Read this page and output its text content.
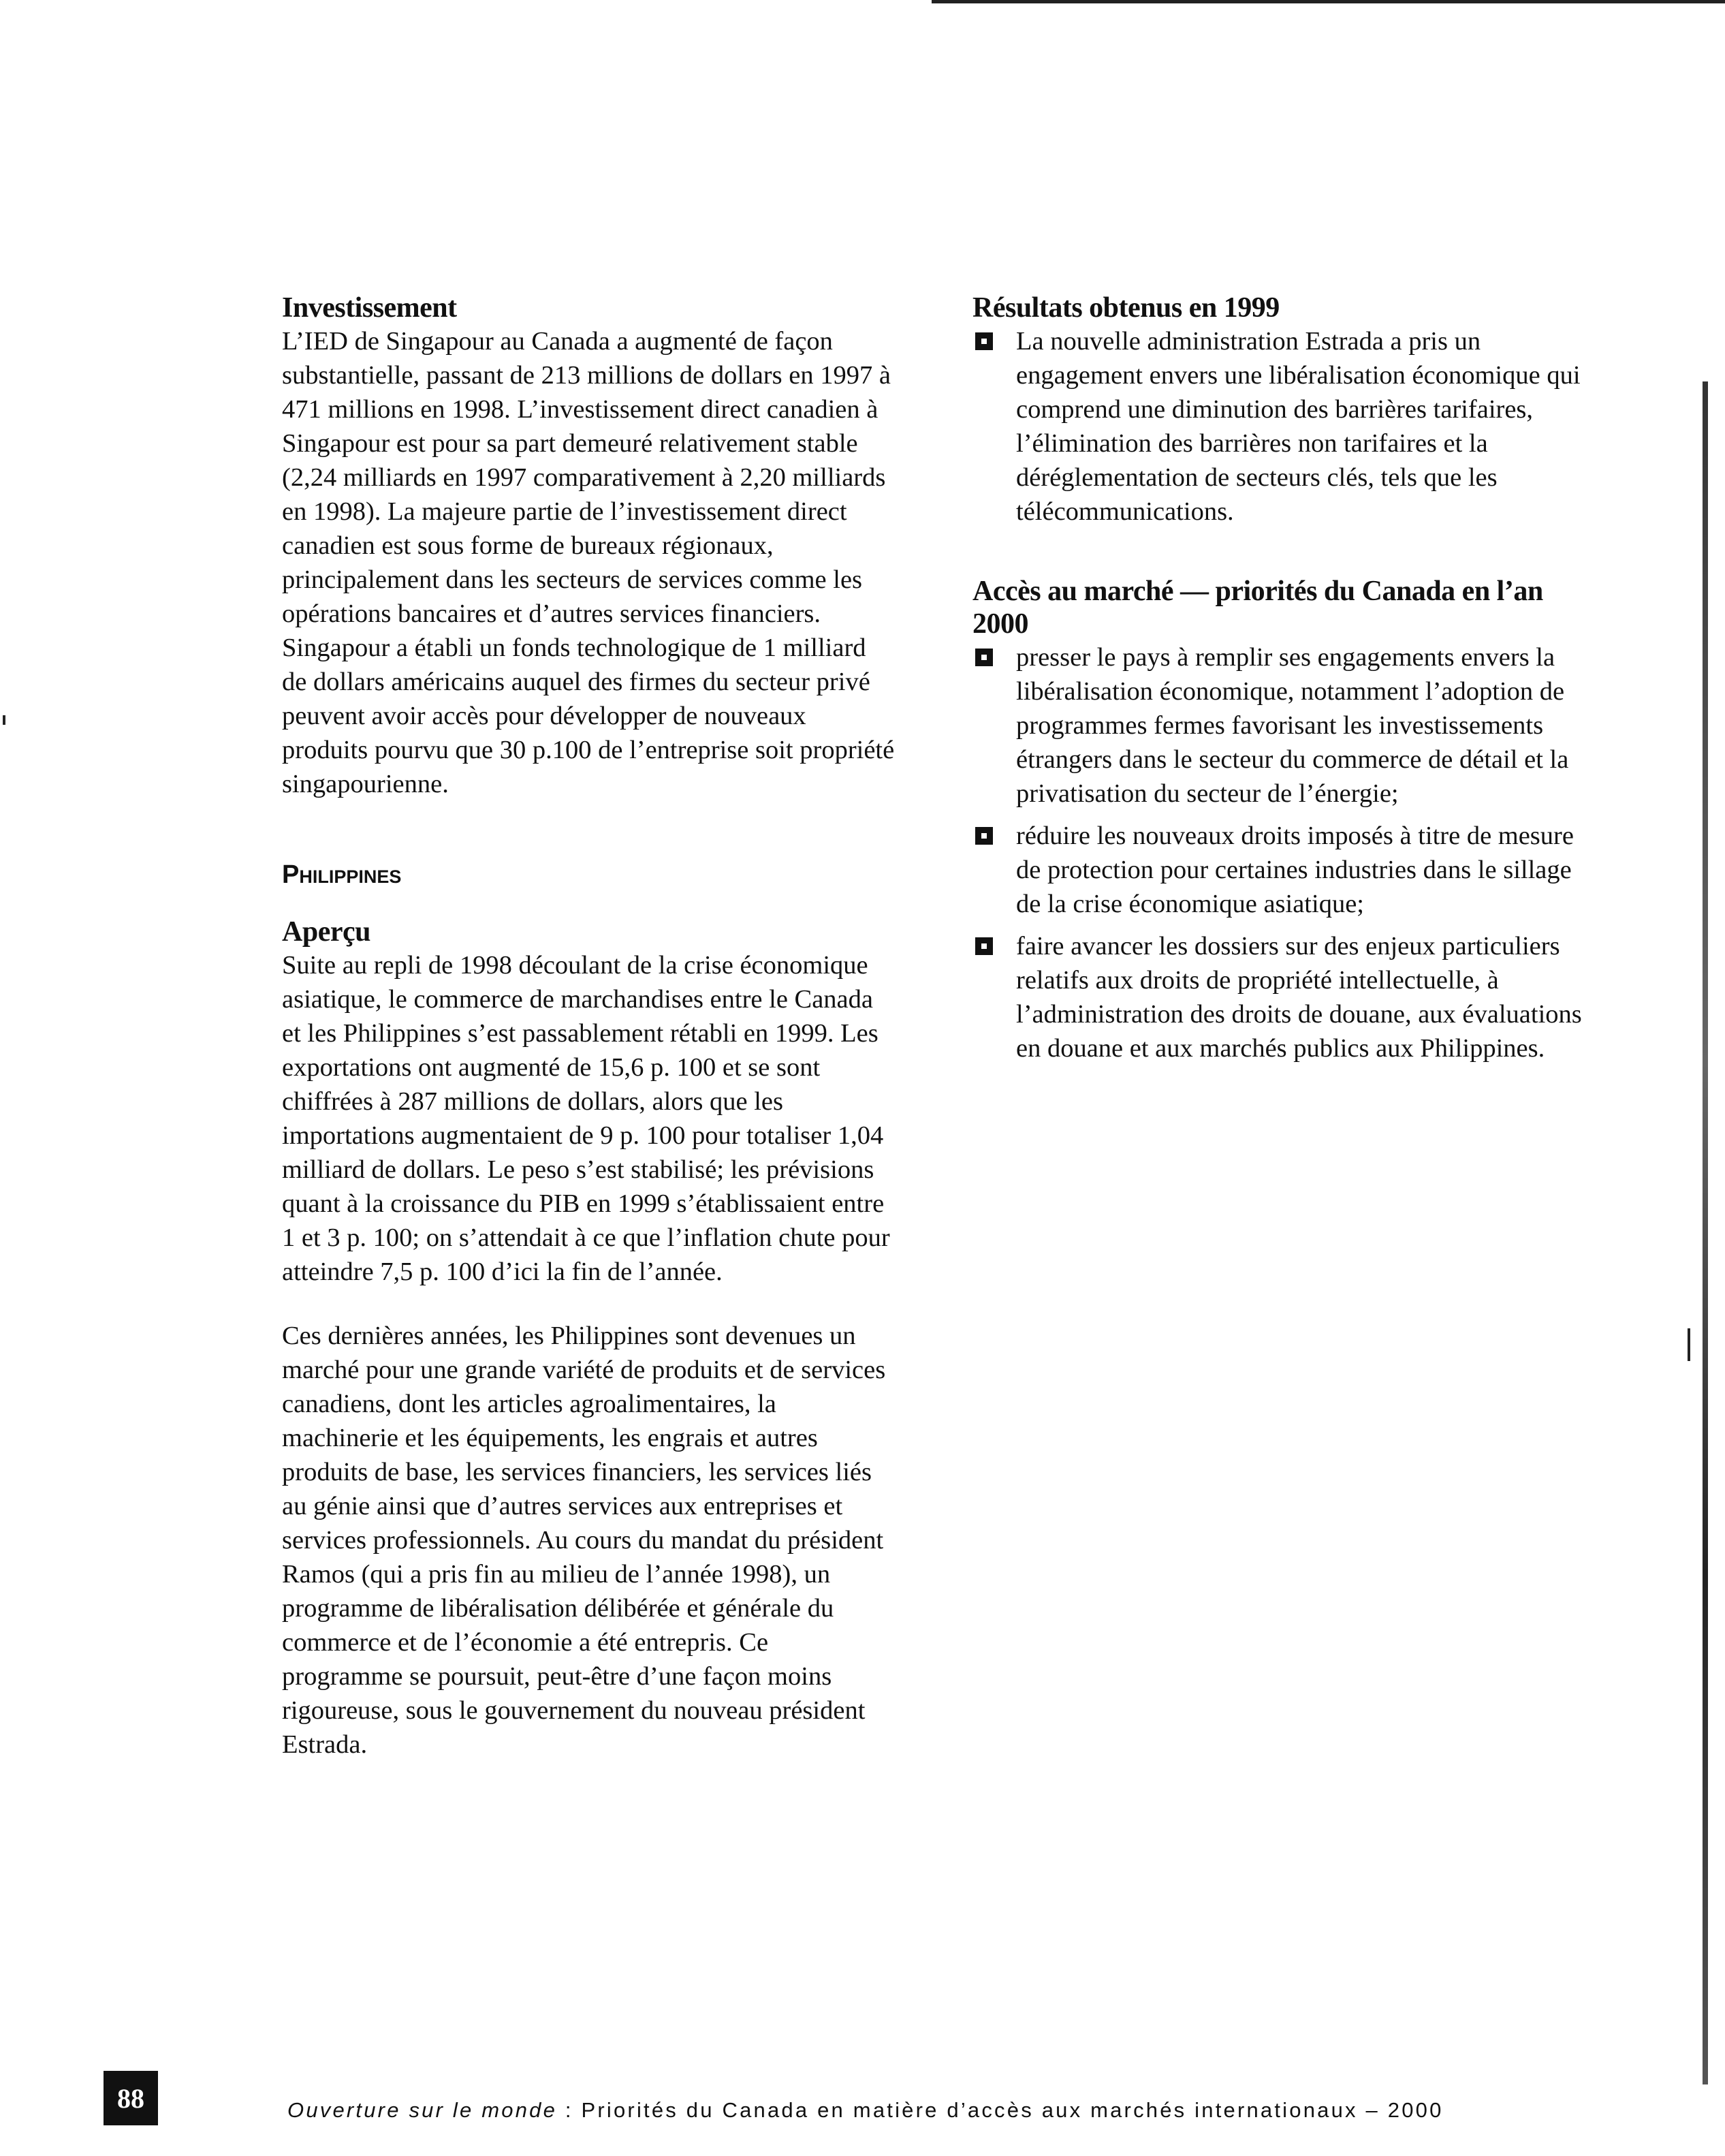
Investissement

L’IED de Singapour au Canada a augmenté de façon substantielle, passant de 213 millions de dollars en 1997 à 471 millions en 1998. L’investissement direct canadien à Singapour est pour sa part demeuré relativement stable (2,24 milliards en 1997 comparativement à 2,20 milliards en 1998). La majeure partie de l’investissement direct canadien est sous forme de bureaux régionaux, principalement dans les secteurs de services comme les opérations bancaires et d’autres services financiers. Singapour a établi un fonds technologique de 1 milliard de dollars américains auquel des firmes du secteur privé peuvent avoir accès pour développer de nouveaux produits pourvu que 30 p.100 de l’entreprise soit propriété singapourienne.

Philippines
Aperçu

Suite au repli de 1998 découlant de la crise économique asiatique, le commerce de marchandises entre le Canada et les Philippines s’est passablement rétabli en 1999. Les exportations ont augmenté de 15,6 p. 100 et se sont chiffrées à 287 millions de dollars, alors que les importations augmentaient de 9 p. 100 pour totaliser 1,04 milliard de dollars. Le peso s’est stabilisé; les prévisions quant à la croissance du PIB en 1999 s’établissaient entre 1 et 3 p. 100; on s’attendait à ce que l’inflation chute pour atteindre 7,5 p. 100 d’ici la fin de l’année.

Ces dernières années, les Philippines sont devenues un marché pour une grande variété de produits et de services canadiens, dont les articles agroalimentaires, la machinerie et les équipements, les engrais et autres produits de base, les services financiers, les services liés au génie ainsi que d’autres services aux entreprises et services professionnels. Au cours du mandat du président Ramos (qui a pris fin au milieu de l’année 1998), un programme de libéralisation délibérée et générale du commerce et de l’économie a été entrepris. Ce programme se poursuit, peut-être d’une façon moins rigoureuse, sous le gouvernement du nouveau président Estrada.

Résultats obtenus en 1999
La nouvelle administration Estrada a pris un engagement envers une libéralisation économique qui comprend une diminution des barrières tarifaires, l’élimination des barrières non tarifaires et la déréglementation de secteurs clés, tels que les télécommunications.
Accès au marché — priorités du Canada en l’an 2000
presser le pays à remplir ses engagements envers la libéralisation économique, notamment l’adoption de programmes fermes favorisant les investissements étrangers dans le secteur du commerce de détail et la privatisation du secteur de l’énergie;
réduire les nouveaux droits imposés à titre de mesure de protection pour certaines industries dans le sillage de la crise économique asiatique;
faire avancer les dossiers sur des enjeux particuliers relatifs aux droits de propriété intellectuelle, à l’administration des droits de douane, aux évaluations en douane et aux marchés publics aux Philippines.
88	Ouverture sur le monde : Priorités du Canada en matière d’accès aux marchés internationaux – 2000
